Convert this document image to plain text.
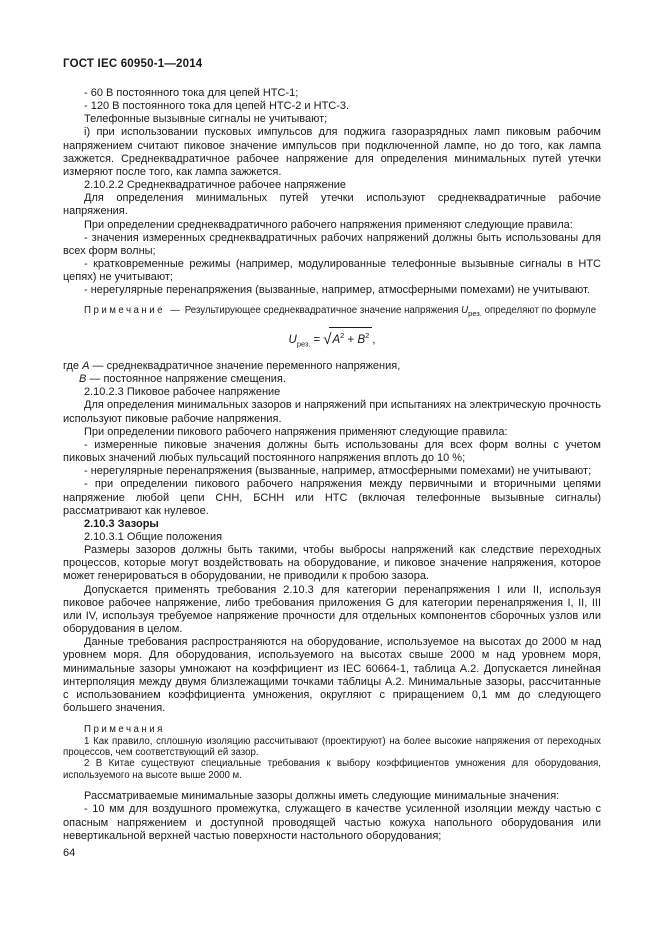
ГОСТ IEC 60950-1—2014

- 60 В постоянного тока для цепей НТС-1;

- 120 В постоянного тока для цепей НТС-2 и НТС-3.

Телефонные вызывные сигналы не учитывают;

i) при использовании пусковых импульсов для поджига газоразрядных ламп пиковым рабочим напряжением считают пиковое значение импульсов при подключенной лампе, но до того, как лампа зажжется. Среднеквадратичное рабочее напряжение для определения минимальных путей утечки измеряют после того, как лампа зажжется.

2.10.2.2 Среднеквадратичное рабочее напряжение

Для определения минимальных путей утечки используют среднеквадратичные рабочие напряжения.

При определении среднеквадратичного рабочего напряжения применяют следующие правила:

- значения измеренных среднеквадратичных рабочих напряжений должны быть использованы для всех форм волны;

- кратковременные режимы (например, модулированные телефонные вызывные сигналы в НТС цепях) не учитывают;

- нерегулярные перенапряжения (вызванные, например, атмосферными помехами) не учитывают.

Примечание — Результирующее среднеквадратичное значение напряжения $U_{рез.}$ определяют по формуле

$U_{рез.} = √A^2 + B^2$ ,

где A — среднеквадратичное значение переменного напряжения,

B — постоянное напряжение смещения.

2.10.2.3 Пиковое рабочее напряжение

Для определения минимальных зазоров и напряжений при испытаниях на электрическую прочность используют пиковые рабочие напряжения.

При определении пикового рабочего напряжения применяют следующие правила:

- измеренные пиковые значения должны быть использованы для всех форм волны с учетом пиковых значений любых пульсаций постоянного напряжения вплоть до 10 %;

- нерегулярные перенапряжения (вызванные, например, атмосферными помехами) не учитывают;

- при определении пикового рабочего напряжения между первичными и вторичными цепями напряжение любой цепи СНН, БСНН или НТС (включая телефонные вызывные сигналы) рассматривают как нулевое.

2.10.3 Зазоры

2.10.3.1 Общие положения

Размеры зазоров должны быть такими, чтобы выбросы напряжений как следствие переходных процессов, которые могут воздействовать на оборудование, и пиковое значение напряжения, которое может генерироваться в оборудовании, не приводили к пробою зазора.

Допускается применять требования 2.10.3 для категории перенапряжения I или II, используя пиковое рабочее напряжение, либо требования приложения G для категории перенапряжения I, II, III или IV, используя требуемое напряжение прочности для отдельных компонентов сборочных узлов или оборудования в целом.

Данные требования распространяются на оборудование, используемое на высотах до 2000 м над уровнем моря. Для оборудования, используемого на высотах свыше 2000 м над уровнем моря, минимальные зазоры умножают на коэффициент из IEC 60664-1, таблица А.2. Допускается линейная интерполяция между двумя близлежащими точками таблицы А.2. Минимальные зазоры, рассчитанные с использованием коэффициента умножения, округляют с приращением 0,1 мм до следующего большего значения.

Примечания

1 Как правило, сплошную изоляцию рассчитывают (проектируют) на более высокие напряжения от переходных процессов, чем соответствующий ей зазор.

2 В Китае существуют специальные требования к выбору коэффициентов умножения для оборудования, используемого на высоте выше 2000 м.

Рассматриваемые минимальные зазоры должны иметь следующие минимальные значения:

- 10 мм для воздушного промежутка, служащего в качестве усиленной изоляции между частью с опасным напряжением и доступной проводящей частью кожуха напольного оборудования или невертикальной верхней частью поверхности настольного оборудования;

64
